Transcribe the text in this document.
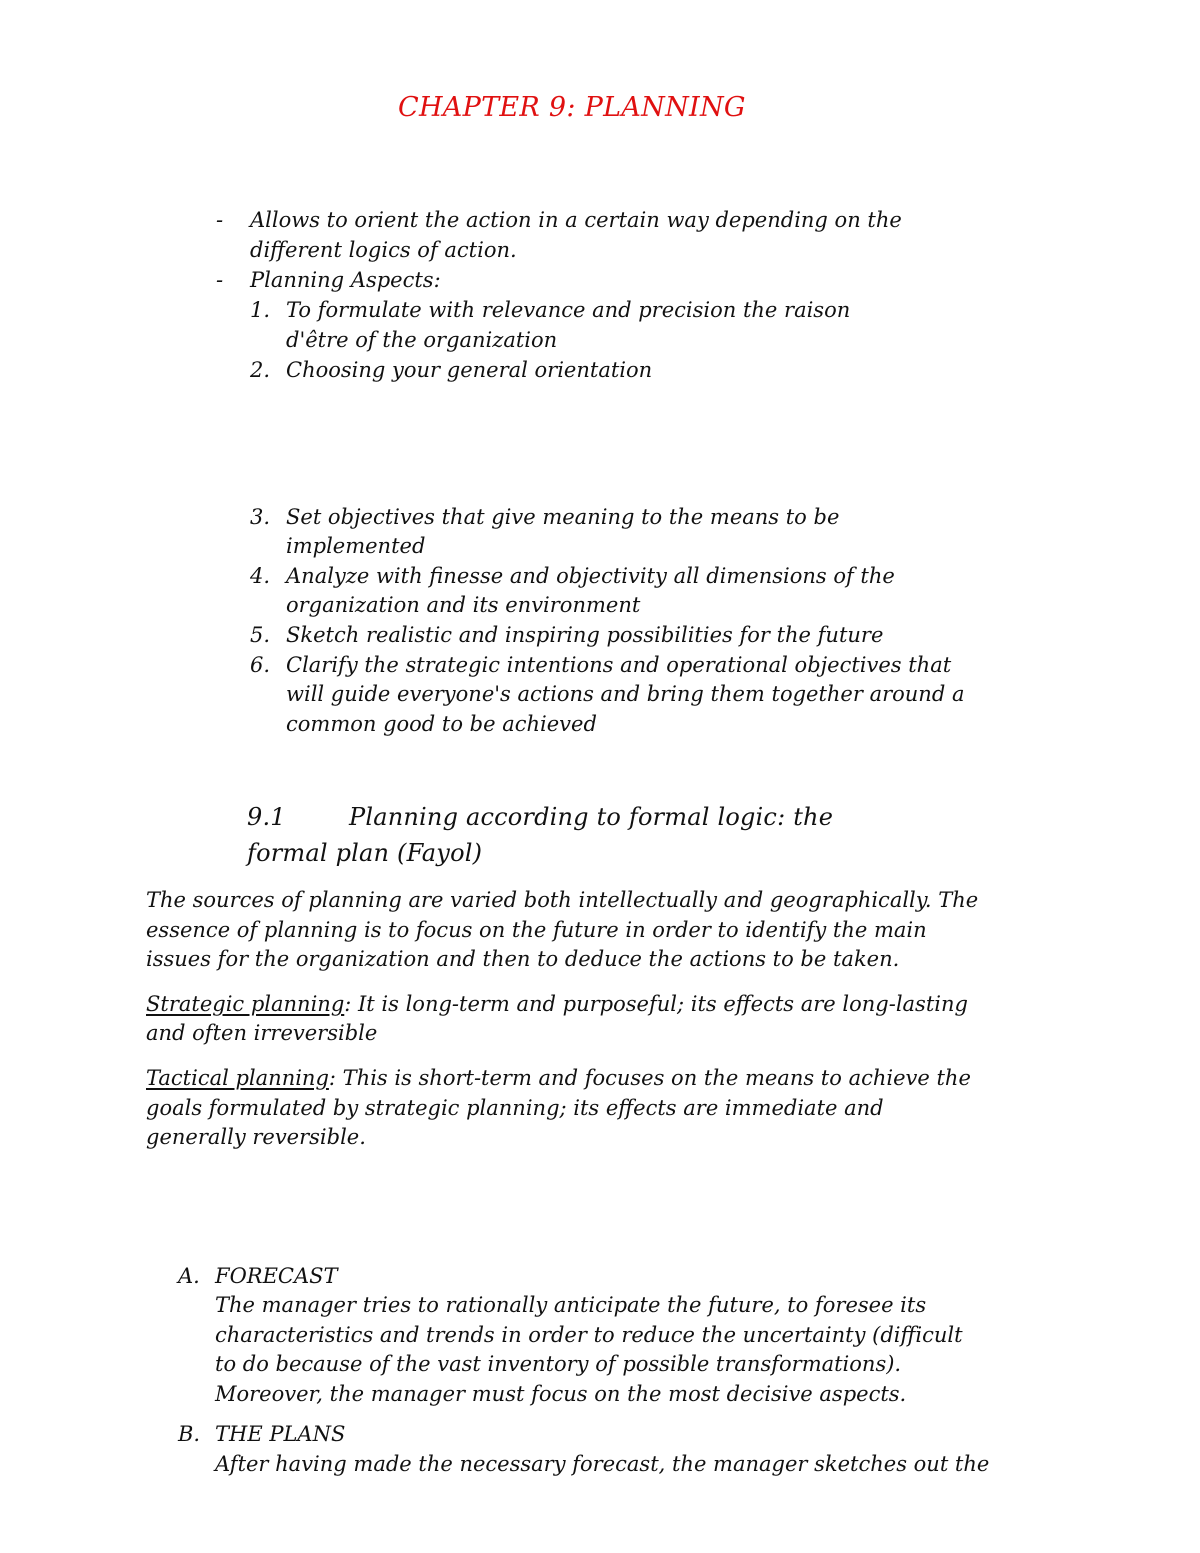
CHAPTER 9: PLANNING
- Allows to orient the action in a certain way depending on the
different logics of action.
- Planning Aspects:
1. To formulate with relevance and precision the raison
d'être of the organization
2. Choosing your general orientation
3. Set objectives that give meaning to the means to be
implemented
4. Analyze with finesse and objectivity all dimensions of the
organization and its environment
5. Sketch realistic and inspiring possibilities for the future
6. Clarify the strategic intentions and operational objectives that
will guide everyone's actions and bring them together around a
common good to be achieved
9.1	Planning according to formal logic: the
formal plan (Fayol)
The sources of planning are varied both intellectually and geographically. The
essence of planning is to focus on the future in order to identify the main
issues for the organization and then to deduce the actions to be taken.
Strategic planning: It is long-term and purposeful; its effects are long-lasting
and often irreversible
Tactical planning: This is short-term and focuses on the means to achieve the
goals formulated by strategic planning; its effects are immediate and
generally reversible.
A. FORECAST
The manager tries to rationally anticipate the future, to foresee its
characteristics and trends in order to reduce the uncertainty (difficult
to do because of the vast inventory of possible transformations).
Moreover, the manager must focus on the most decisive aspects.
B. THE PLANS
After having made the necessary forecast, the manager sketches out the
